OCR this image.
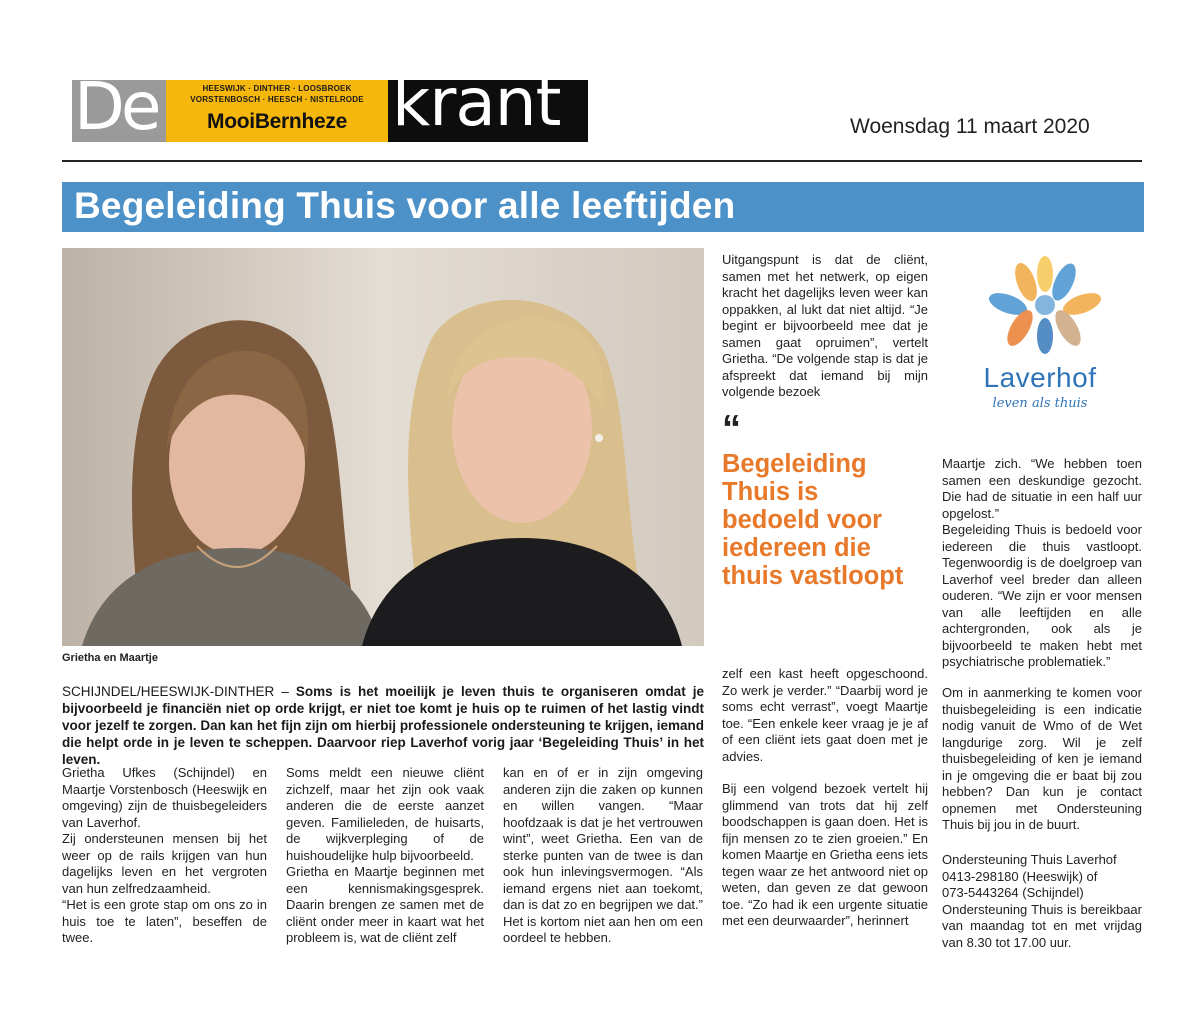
De	HEESWIJK · DINTHER · LOOSBROEK
VORSTENBOSCH · HEESCH · NISTELRODE
MooiBernheze krant	Woensdag 11 maart 2020
Begeleiding Thuis voor alle leeftijden
Grietha en Maartje
SCHIJNDEL/HEESWIJK-DINTHER – Soms is het moeilijk je leven thuis te organiseren omdat je bijvoorbeeld je financiën niet op orde krijgt, er niet toe komt je huis op te ruimen of het lastig vindt voor jezelf te zorgen. Dan kan het fijn zijn om hierbij professionele ondersteuning te krijgen, iemand die helpt orde in je leven te scheppen. Daarvoor riep Laverhof vorig jaar ‘Begeleiding Thuis’ in het leven.

Grietha Ufkes (Schijndel) en Maartje Vorstenbosch (Heeswijk en omgeving) zijn de thuisbegeleiders van Laverhof.

Zij ondersteunen mensen bij het weer op de rails krijgen van hun dagelijks leven en het vergroten van hun zelfredzaamheid.

“Het is een grote stap om ons zo in huis toe te laten”, beseffen de twee.

Soms meldt een nieuwe cliënt zichzelf, maar het zijn ook vaak anderen die de eerste aanzet geven. Familieleden, de huisarts, de wijkverpleging of de huishoudelijke hulp bijvoorbeeld.

Grietha en Maartje beginnen met een kennismakingsgesprek. Daarin brengen ze samen met de cliënt onder meer in kaart wat het probleem is, wat de cliënt zelf

kan en of er in zijn omgeving anderen zijn die zaken op kunnen en willen vangen. “Maar hoofdzaak is dat je het vertrouwen wint”, weet Grietha. Een van de sterke punten van de twee is dan ook hun inlevingsvermogen. “Als iemand ergens niet aan toekomt, dan is dat zo en begrijpen we dat.” Het is kortom niet aan hen om een oordeel te hebben.

Uitgangspunt is dat de cliënt, samen met het netwerk, op eigen kracht het dagelijks leven weer kan oppakken, al lukt dat niet altijd. “Je begint er bijvoorbeeld mee dat je samen gaat opruimen”, vertelt Grietha. “De volgende stap is dat je afspreekt dat iemand bij mijn volgende bezoek

“
Begeleiding Thuis is bedoeld voor iedereen die thuis vastloopt

zelf een kast heeft opgeschoond. Zo werk je verder.” “Daarbij word je soms echt verrast”, voegt Maartje toe. “Een enkele keer vraag je je af of een cliënt iets gaat doen met je advies.

Bij een volgend bezoek vertelt hij glimmend van trots dat hij zelf boodschappen is gaan doen. Het is fijn mensen zo te zien groeien.” En komen Maartje en Grietha eens iets tegen waar ze het antwoord niet op weten, dan geven ze dat gewoon toe. “Zo had ik een urgente situatie met een deurwaarder”, herinnert

Laverhof
leven als thuis

Maartje zich. “We hebben toen samen een deskundige gezocht. Die had de situatie in een half uur opgelost.”

Begeleiding Thuis is bedoeld voor iedereen die thuis vastloopt. Tegenwoordig is de doelgroep van Laverhof veel breder dan alleen ouderen. “We zijn er voor mensen van alle leeftijden en alle achtergronden, ook als je bijvoorbeeld te maken hebt met psychiatrische problematiek.”

Om in aanmerking te komen voor thuisbegeleiding is een indicatie nodig vanuit de Wmo of de Wet langdurige zorg. Wil je zelf thuisbegeleiding of ken je iemand in je omgeving die er baat bij zou hebben? Dan kun je contact opnemen met Ondersteuning Thuis bij jou in de buurt.

Ondersteuning Thuis Laverhof

0413-298180 (Heeswijk) of

073-5443264 (Schijndel)

Ondersteuning Thuis is bereikbaar van maandag tot en met vrijdag van 8.30 tot 17.00 uur.
